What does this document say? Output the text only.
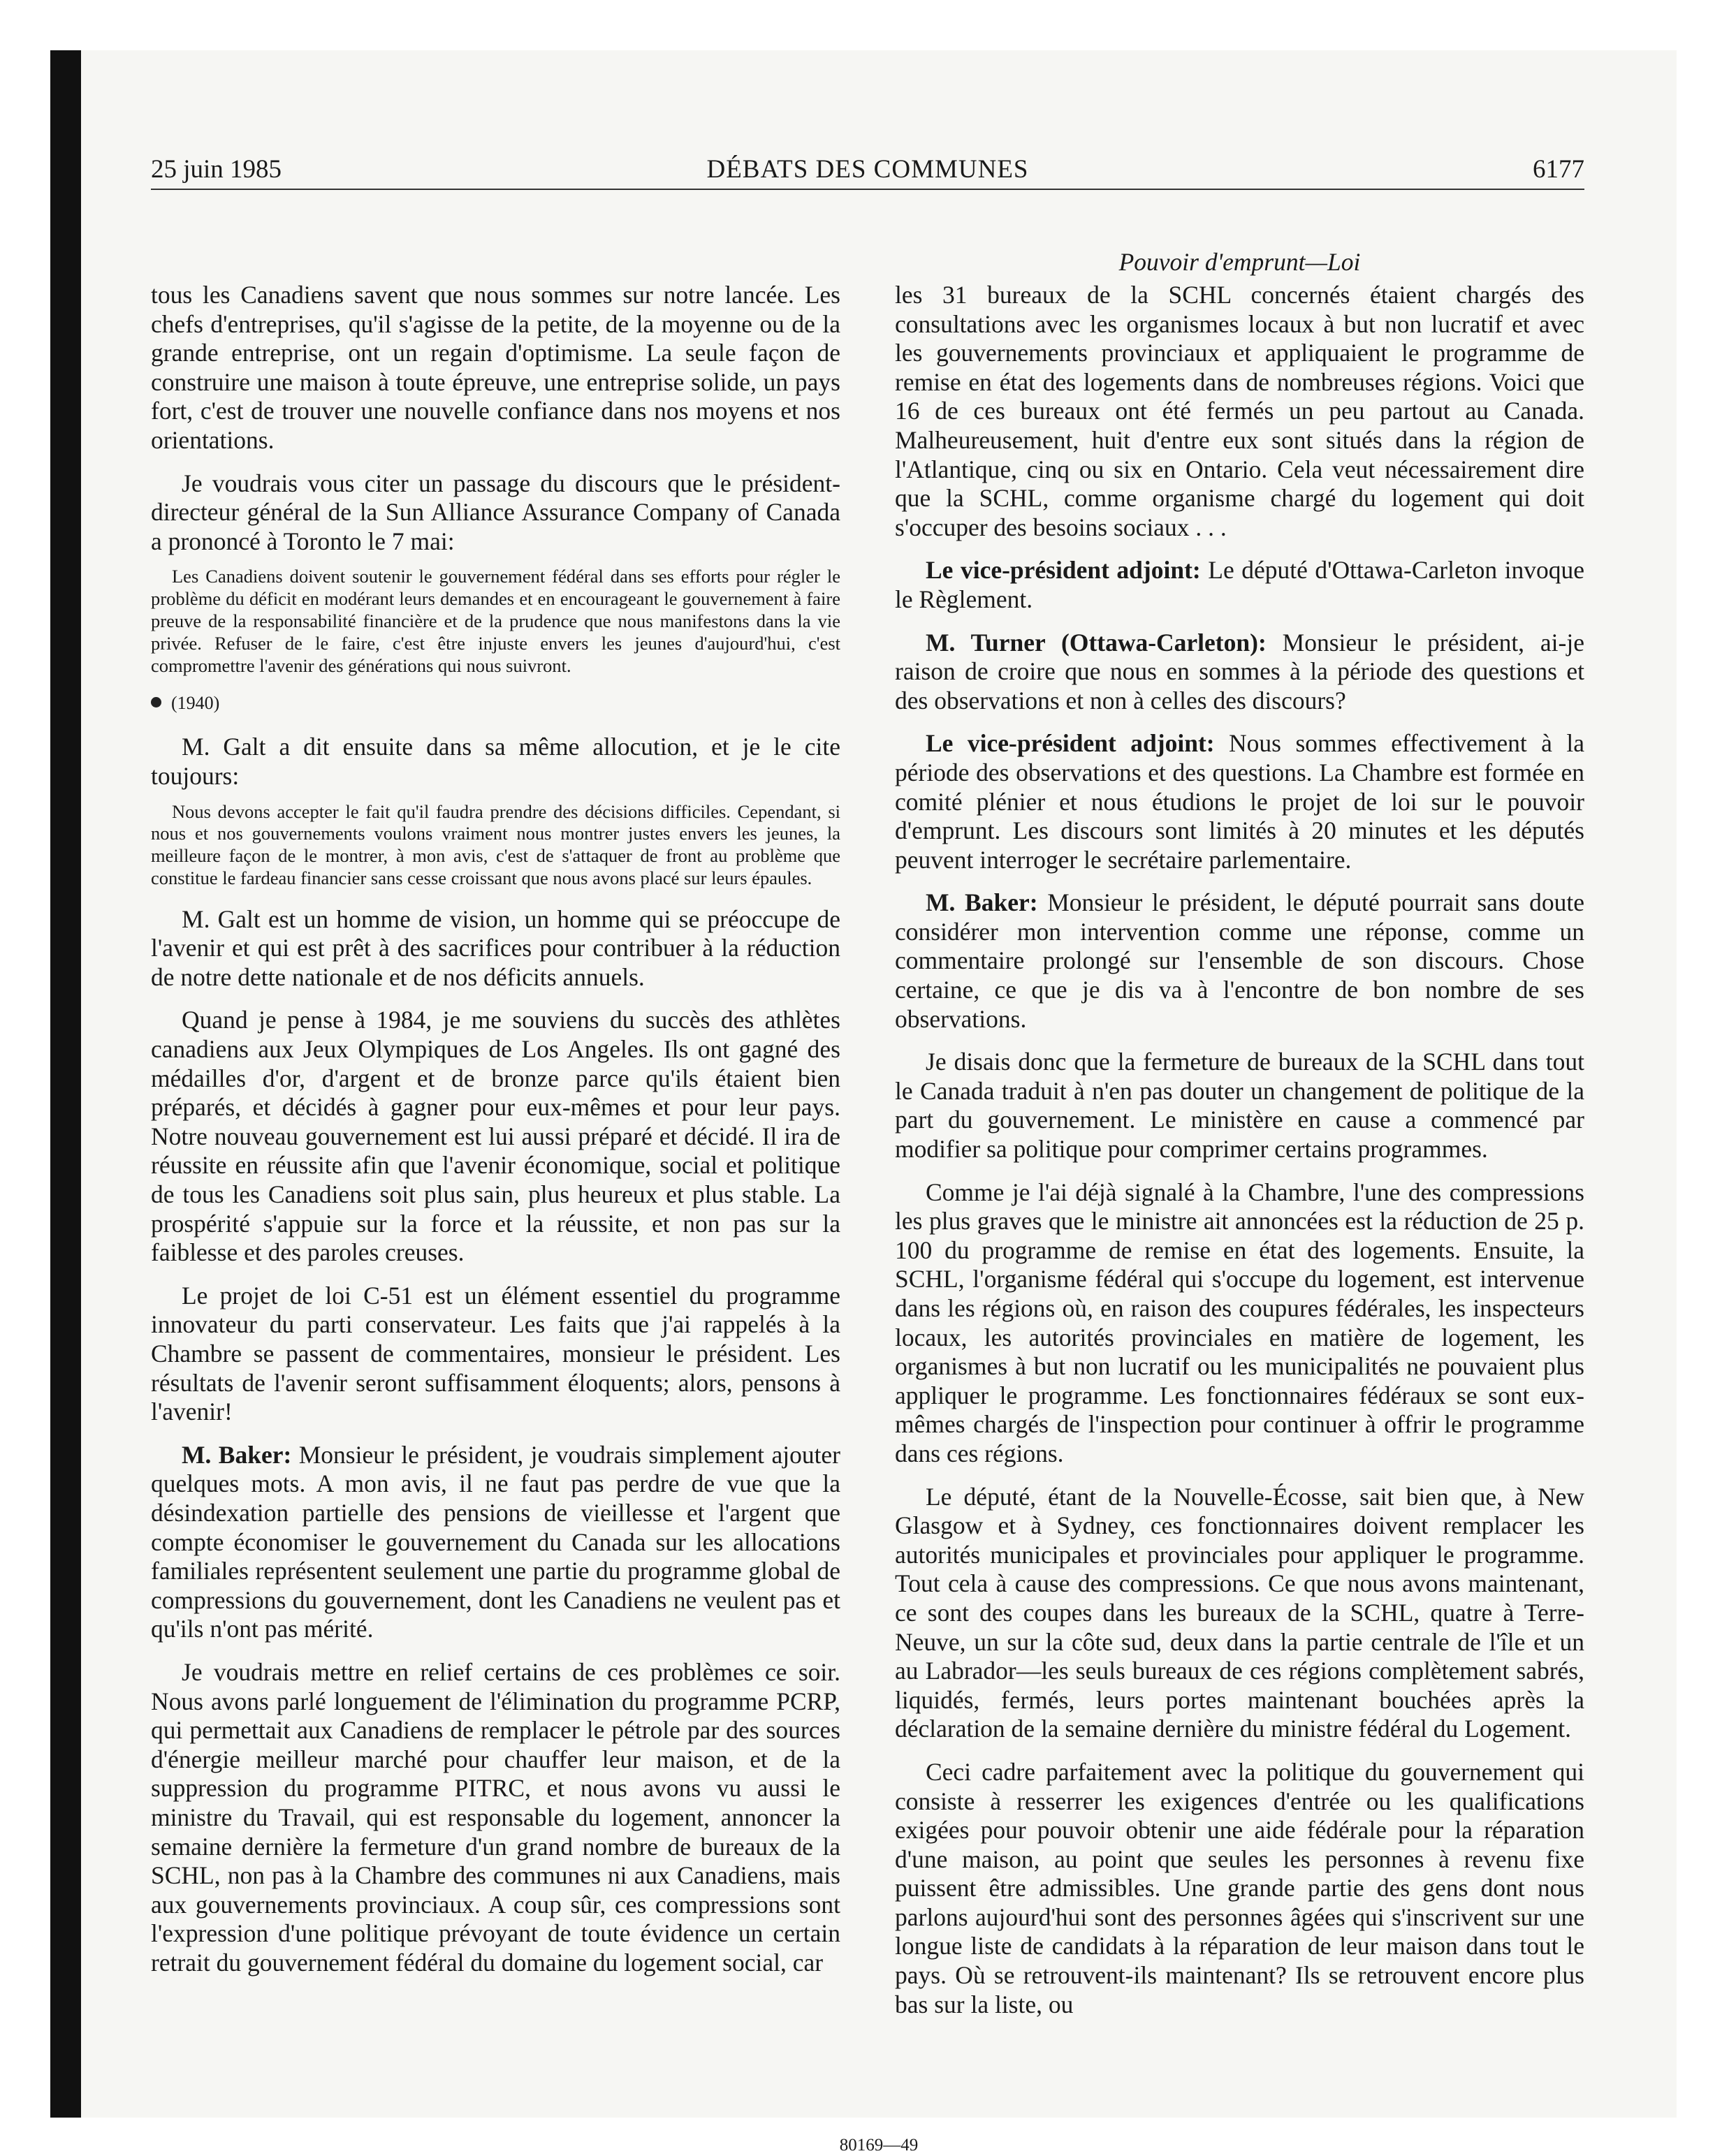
25 juin 1985	DÉBATS DES COMMUNES	6177
Pouvoir d'emprunt—Loi

tous les Canadiens savent que nous sommes sur notre lancée. Les chefs d'entreprises, qu'il s'agisse de la petite, de la moyenne ou de la grande entreprise, ont un regain d'optimisme. La seule façon de construire une maison à toute épreuve, une entreprise solide, un pays fort, c'est de trouver une nouvelle confiance dans nos moyens et nos orientations.

Je voudrais vous citer un passage du discours que le président-directeur général de la Sun Alliance Assurance Company of Canada a prononcé à Toronto le 7 mai:

Les Canadiens doivent soutenir le gouvernement fédéral dans ses efforts pour régler le problème du déficit en modérant leurs demandes et en encourageant le gouvernement à faire preuve de la responsabilité financière et de la prudence que nous manifestons dans la vie privée. Refuser de le faire, c'est être injuste envers les jeunes d'aujourd'hui, c'est compromettre l'avenir des générations qui nous suivront.
(1940)

M. Galt a dit ensuite dans sa même allocution, et je le cite toujours:

Nous devons accepter le fait qu'il faudra prendre des décisions difficiles. Cependant, si nous et nos gouvernements voulons vraiment nous montrer justes envers les jeunes, la meilleure façon de le montrer, à mon avis, c'est de s'attaquer de front au problème que constitue le fardeau financier sans cesse croissant que nous avons placé sur leurs épaules.

M. Galt est un homme de vision, un homme qui se préoccupe de l'avenir et qui est prêt à des sacrifices pour contribuer à la réduction de notre dette nationale et de nos déficits annuels.

Quand je pense à 1984, je me souviens du succès des athlètes canadiens aux Jeux Olympiques de Los Angeles. Ils ont gagné des médailles d'or, d'argent et de bronze parce qu'ils étaient bien préparés, et décidés à gagner pour eux-mêmes et pour leur pays. Notre nouveau gouvernement est lui aussi préparé et décidé. Il ira de réussite en réussite afin que l'avenir économique, social et politique de tous les Canadiens soit plus sain, plus heureux et plus stable. La prospérité s'appuie sur la force et la réussite, et non pas sur la faiblesse et des paroles creuses.

Le projet de loi C-51 est un élément essentiel du programme innovateur du parti conservateur. Les faits que j'ai rappelés à la Chambre se passent de commentaires, monsieur le président. Les résultats de l'avenir seront suffisamment éloquents; alors, pensons à l'avenir!

M. Baker: Monsieur le président, je voudrais simplement ajouter quelques mots. A mon avis, il ne faut pas perdre de vue que la désindexation partielle des pensions de vieillesse et l'argent que compte économiser le gouvernement du Canada sur les allocations familiales représentent seulement une partie du programme global de compressions du gouvernement, dont les Canadiens ne veulent pas et qu'ils n'ont pas mérité.

Je voudrais mettre en relief certains de ces problèmes ce soir. Nous avons parlé longuement de l'élimination du programme PCRP, qui permettait aux Canadiens de remplacer le pétrole par des sources d'énergie meilleur marché pour chauffer leur maison, et de la suppression du programme PITRC, et nous avons vu aussi le ministre du Travail, qui est responsable du logement, annoncer la semaine dernière la fermeture d'un grand nombre de bureaux de la SCHL, non pas à la Chambre des communes ni aux Canadiens, mais aux gouvernements provinciaux. A coup sûr, ces compressions sont l'expression d'une politique prévoyant de toute évidence un certain retrait du gouvernement fédéral du domaine du logement social, car

les 31 bureaux de la SCHL concernés étaient chargés des consultations avec les organismes locaux à but non lucratif et avec les gouvernements provinciaux et appliquaient le programme de remise en état des logements dans de nombreuses régions. Voici que 16 de ces bureaux ont été fermés un peu partout au Canada. Malheureusement, huit d'entre eux sont situés dans la région de l'Atlantique, cinq ou six en Ontario. Cela veut nécessairement dire que la SCHL, comme organisme chargé du logement qui doit s'occuper des besoins sociaux . . .

Le vice-président adjoint: Le député d'Ottawa-Carleton invoque le Règlement.

M. Turner (Ottawa-Carleton): Monsieur le président, ai-je raison de croire que nous en sommes à la période des questions et des observations et non à celles des discours?

Le vice-président adjoint: Nous sommes effectivement à la période des observations et des questions. La Chambre est formée en comité plénier et nous étudions le projet de loi sur le pouvoir d'emprunt. Les discours sont limités à 20 minutes et les députés peuvent interroger le secrétaire parlementaire.

M. Baker: Monsieur le président, le député pourrait sans doute considérer mon intervention comme une réponse, comme un commentaire prolongé sur l'ensemble de son discours. Chose certaine, ce que je dis va à l'encontre de bon nombre de ses observations.

Je disais donc que la fermeture de bureaux de la SCHL dans tout le Canada traduit à n'en pas douter un changement de politique de la part du gouvernement. Le ministère en cause a commencé par modifier sa politique pour comprimer certains programmes.

Comme je l'ai déjà signalé à la Chambre, l'une des compressions les plus graves que le ministre ait annoncées est la réduction de 25 p. 100 du programme de remise en état des logements. Ensuite, la SCHL, l'organisme fédéral qui s'occupe du logement, est intervenue dans les régions où, en raison des coupures fédérales, les inspecteurs locaux, les autorités provinciales en matière de logement, les organismes à but non lucratif ou les municipalités ne pouvaient plus appliquer le programme. Les fonctionnaires fédéraux se sont eux-mêmes chargés de l'inspection pour continuer à offrir le programme dans ces régions.

Le député, étant de la Nouvelle-Écosse, sait bien que, à New Glasgow et à Sydney, ces fonctionnaires doivent remplacer les autorités municipales et provinciales pour appliquer le programme. Tout cela à cause des compressions. Ce que nous avons maintenant, ce sont des coupes dans les bureaux de la SCHL, quatre à Terre-Neuve, un sur la côte sud, deux dans la partie centrale de l'île et un au Labrador—les seuls bureaux de ces régions complètement sabrés, liquidés, fermés, leurs portes maintenant bouchées après la déclaration de la semaine dernière du ministre fédéral du Logement.

Ceci cadre parfaitement avec la politique du gouvernement qui consiste à resserrer les exigences d'entrée ou les qualifications exigées pour pouvoir obtenir une aide fédérale pour la réparation d'une maison, au point que seules les personnes à revenu fixe puissent être admissibles. Une grande partie des gens dont nous parlons aujourd'hui sont des personnes âgées qui s'inscrivent sur une longue liste de candidats à la réparation de leur maison dans tout le pays. Où se retrouvent-ils maintenant? Ils se retrouvent encore plus bas sur la liste, ou

80169—49
